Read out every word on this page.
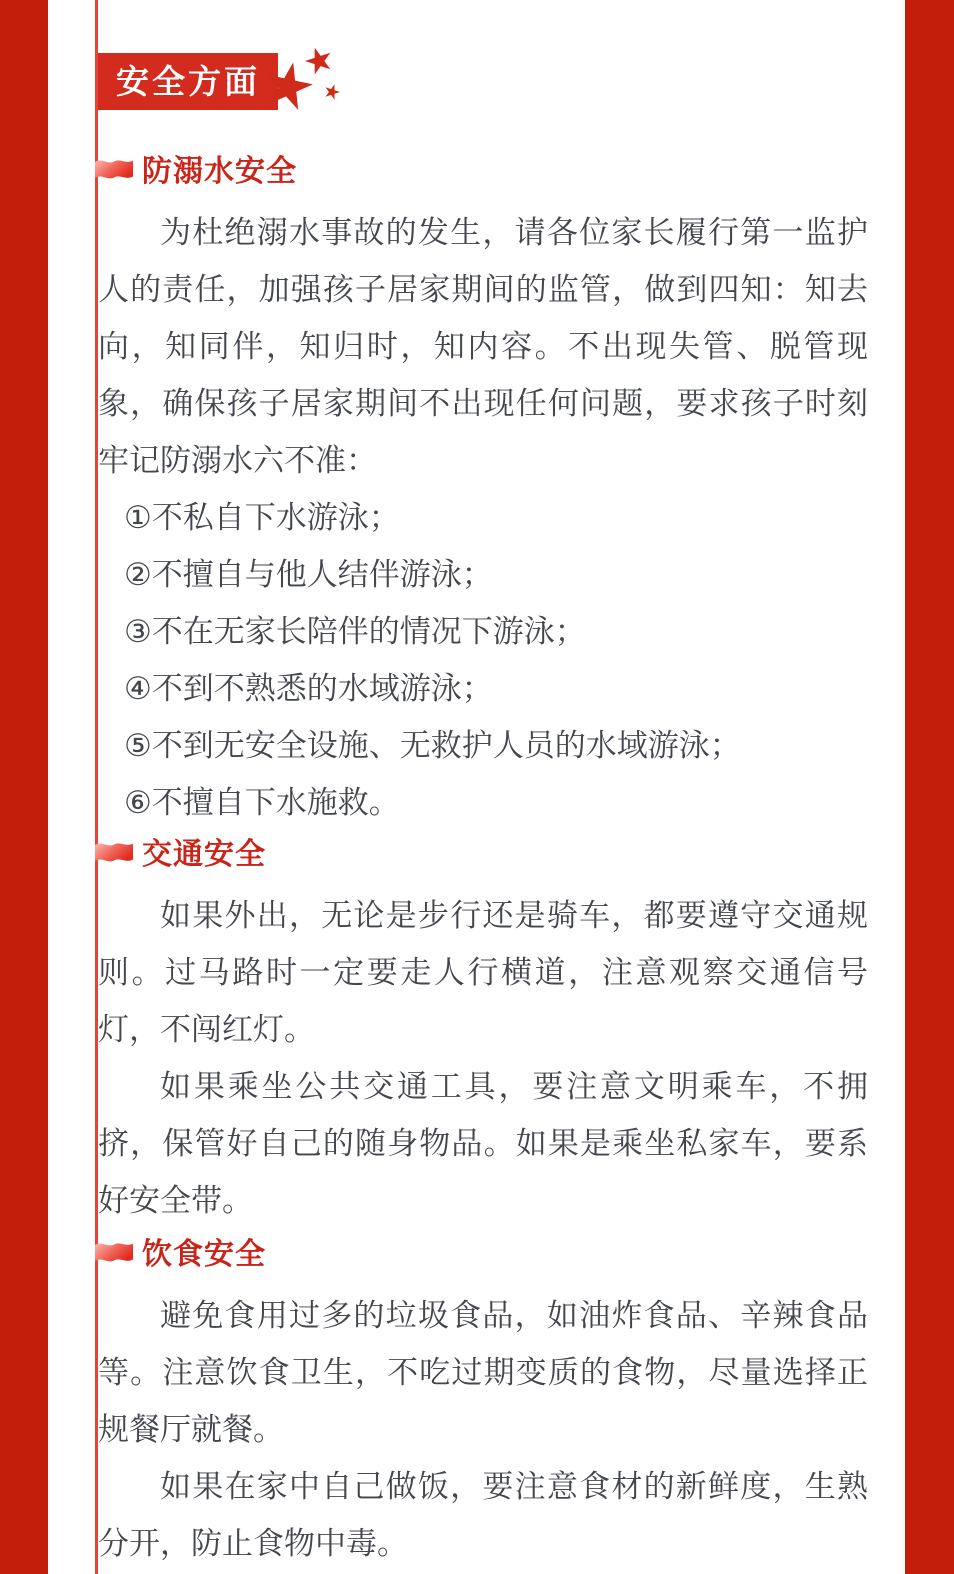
安全方面
防溺水安全

为杜绝溺水事故的发生，请各位家长履行第一监护人的责任，加强孩子居家期间的监管，做到四知：知去向，知同伴，知归时，知内容。不出现失管、脱管现象，确保孩子居家期间不出现任何问题，要求孩子时刻牢记防溺水六不准：

①不私自下水游泳；

②不擅自与他人结伴游泳；

③不在无家长陪伴的情况下游泳；

④不到不熟悉的水域游泳；

⑤不到无安全设施、无救护人员的水域游泳；

⑥不擅自下水施救。

交通安全

如果外出，无论是步行还是骑车，都要遵守交通规则。过马路时一定要走人行横道，注意观察交通信号灯，不闯红灯。

如果乘坐公共交通工具，要注意文明乘车，不拥挤，保管好自己的随身物品。如果是乘坐私家车，要系好安全带。

饮食安全

避免食用过多的垃圾食品，如油炸食品、辛辣食品等。注意饮食卫生，不吃过期变质的食物，尽量选择正规餐厅就餐。

如果在家中自己做饭，要注意食材的新鲜度，生熟分开，防止食物中毒。
